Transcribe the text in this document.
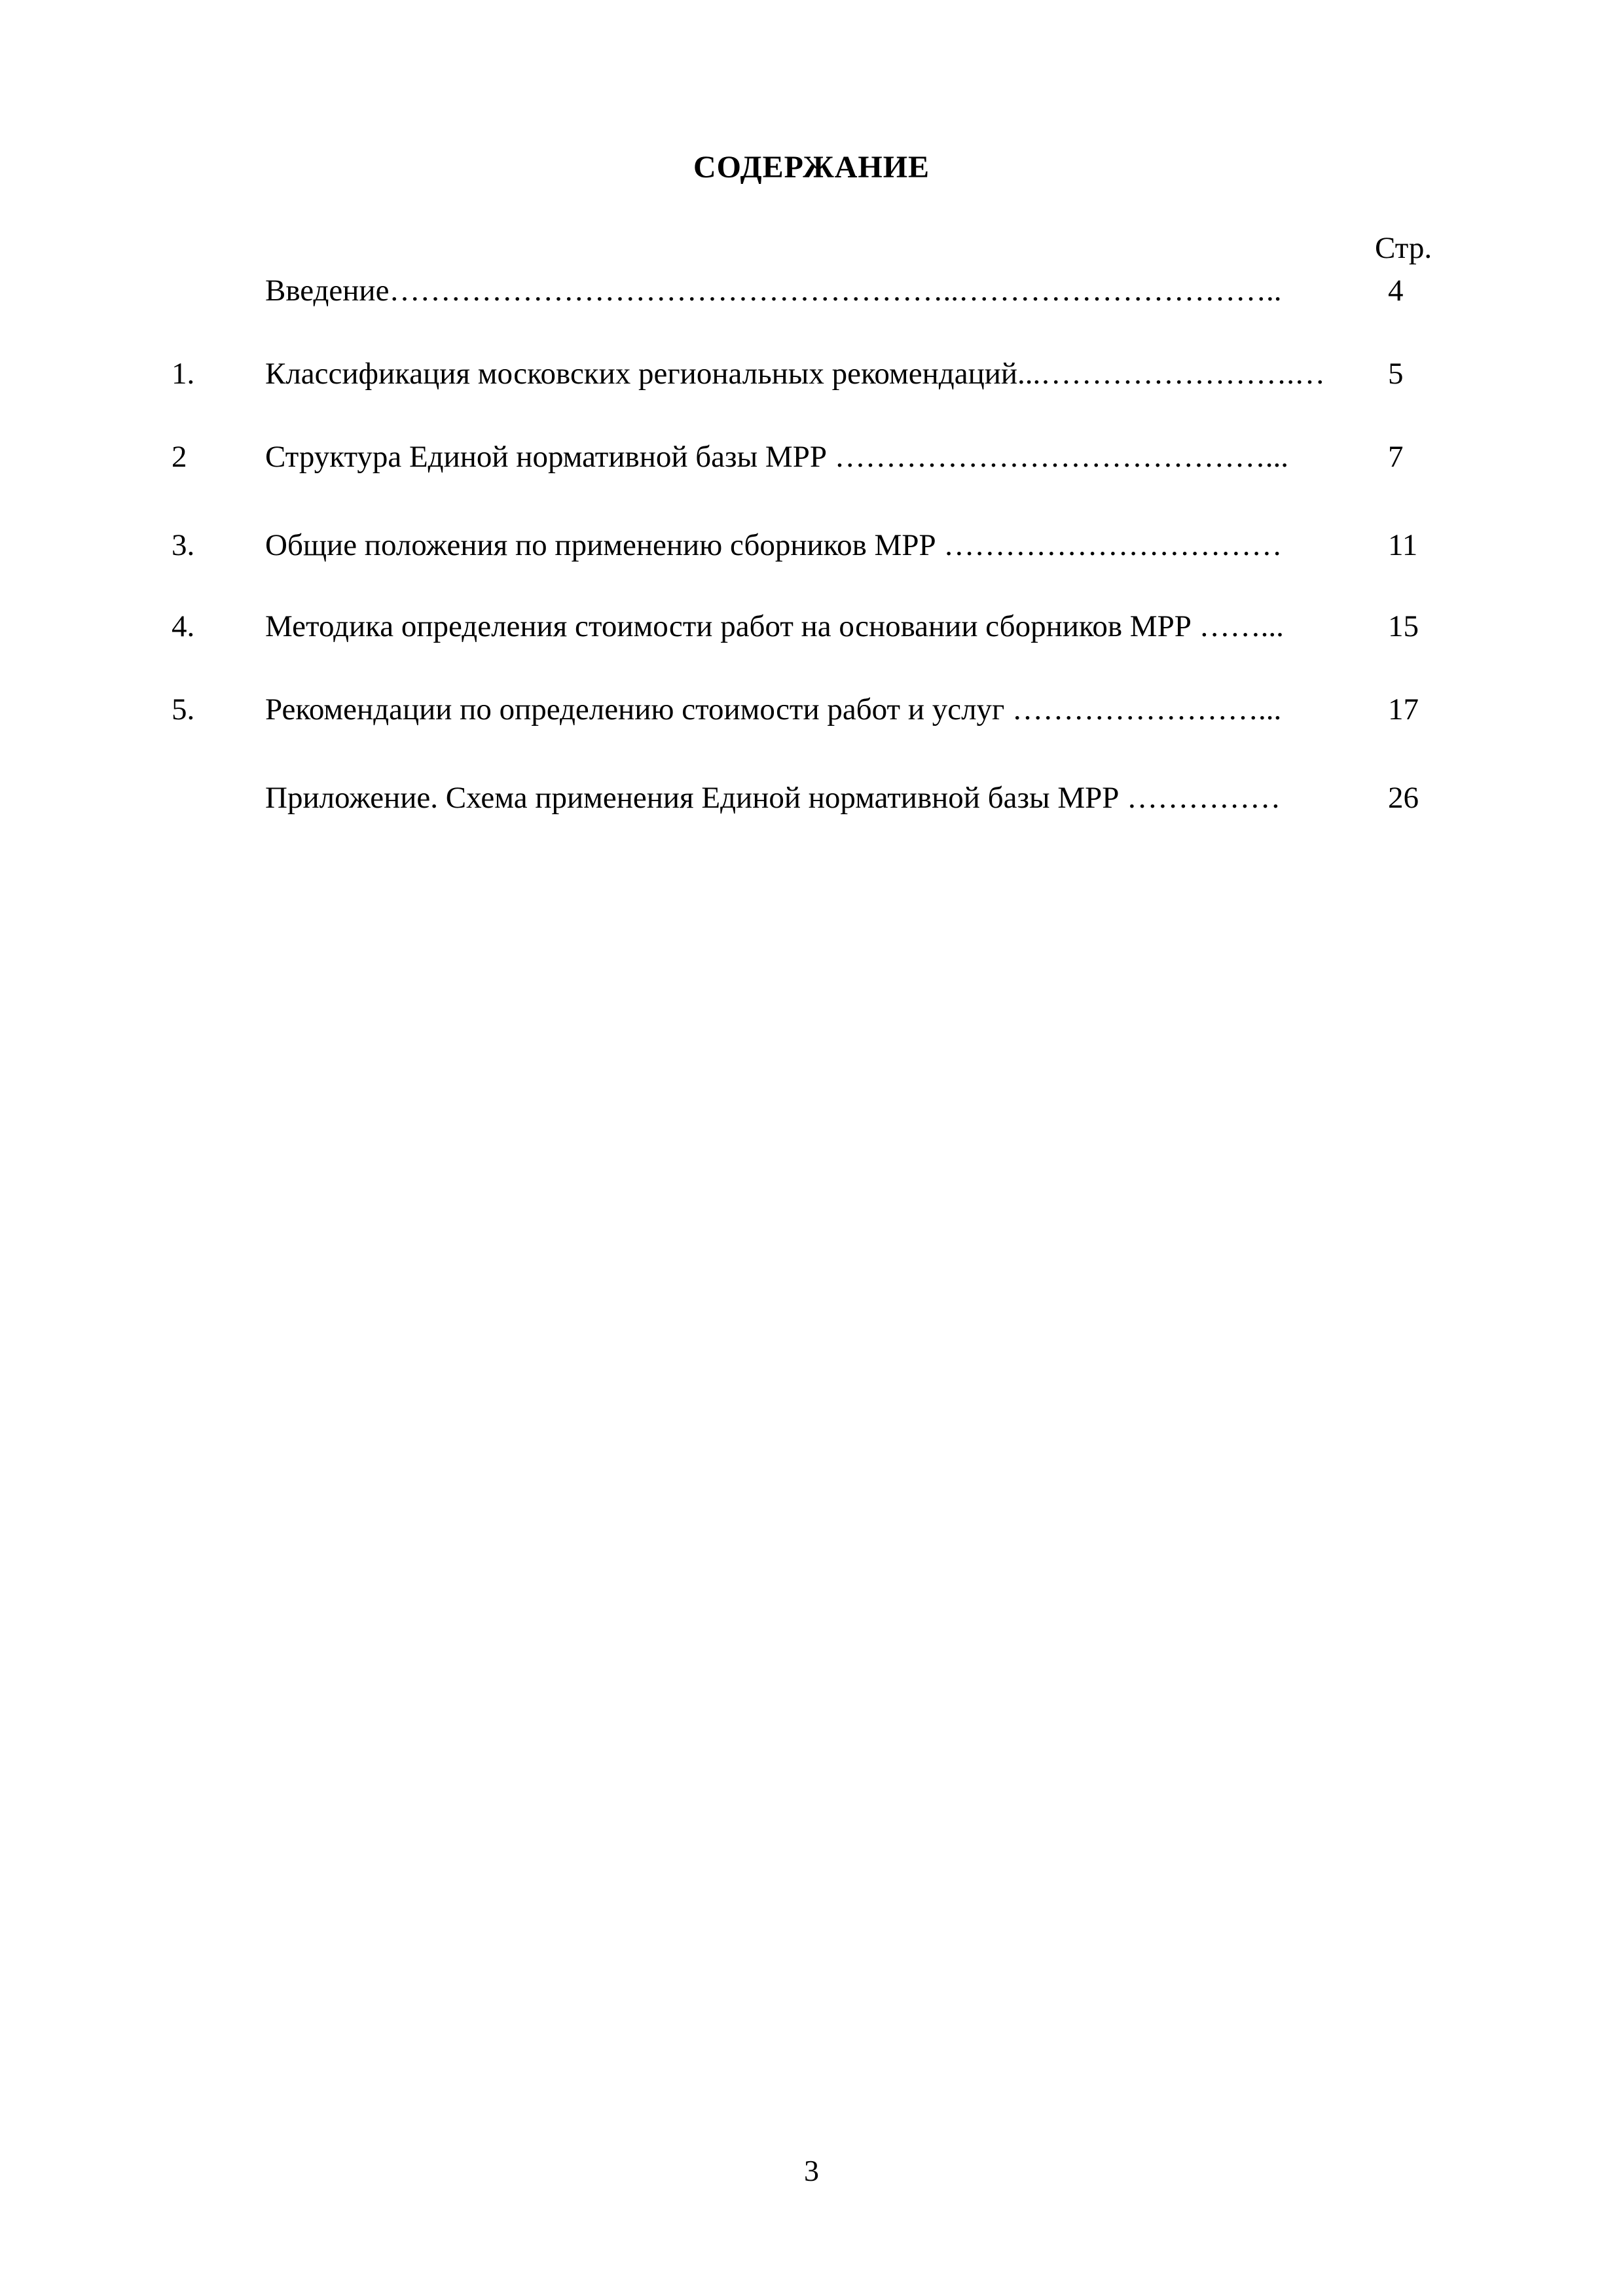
СОДЕРЖАНИЕ
Стр.
Введение………………………………………………..…………………………..	4
1.	Классификация московских региональных рекомендаций...…………………….…	5
2	Структура Единой нормативной базы МРР ……………………………………...	7
3.	Общие положения по применению сборников МРР ……………………………	11
4.	Методика определения стоимости работ на основании сборников МРР ……...	15
5.	Рекомендации по определению стоимости работ и услуг ……………………...	17
Приложение. Схема применения Единой нормативной базы МРР ……………	26
3
